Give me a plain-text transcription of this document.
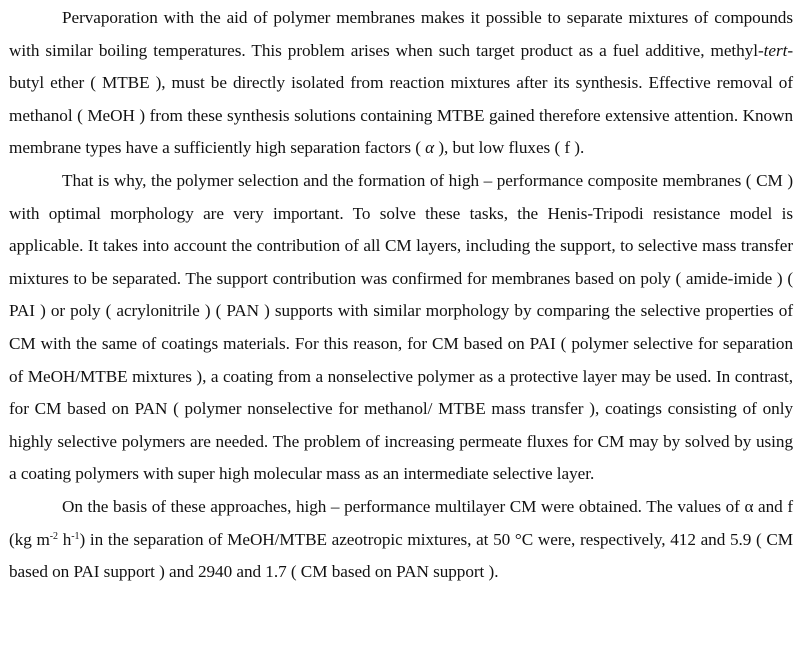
Pervaporation with the aid of polymer membranes makes it possible to separate mixtures of compounds with similar boiling temperatures. This problem arises when such target product as a fuel additive, methyl-tert-butyl ether ( MTBE ), must be directly isolated from reaction mixtures after its synthesis. Effective removal of methanol ( MeOH ) from these synthesis solutions containing MTBE gained therefore extensive attention. Known membrane types have a sufficiently high separation factors ( α ), but low fluxes ( f ).

That is why, the polymer selection and the formation of high – performance composite membranes ( CM ) with optimal morphology are very important. To solve these tasks, the Henis-Tripodi resistance model is applicable. It takes into account the contribution of all CM layers, including the support, to selective mass transfer mixtures to be separated. The support contribution was confirmed for membranes based on poly ( amide-imide ) ( PAI ) or poly ( acrylonitrile ) ( PAN ) supports with similar morphology by comparing the selective properties of CM with the same of coatings materials. For this reason, for CM based on PAI ( polymer selective for separation of MeOH/MTBE mixtures ), a coating from a nonselective polymer as a protective layer may be used. In contrast, for CM based on PAN ( polymer nonselective for methanol/ MTBE mass transfer ), coatings consisting of only highly selective polymers are needed. The problem of increasing permeate fluxes for CM may by solved by using a coating polymers with super high molecular mass as an intermediate selective layer.

On the basis of these approaches, high – performance multilayer CM were obtained. The values of α and f (kg $m^{-2}$ $h^{-1}$) in the separation of MeOH/MTBE azeotropic mixtures, at 50 °C were, respectively, 412 and 5.9 ( CM based on PAI support ) and 2940 and 1.7 ( CM based on PAN support ).
